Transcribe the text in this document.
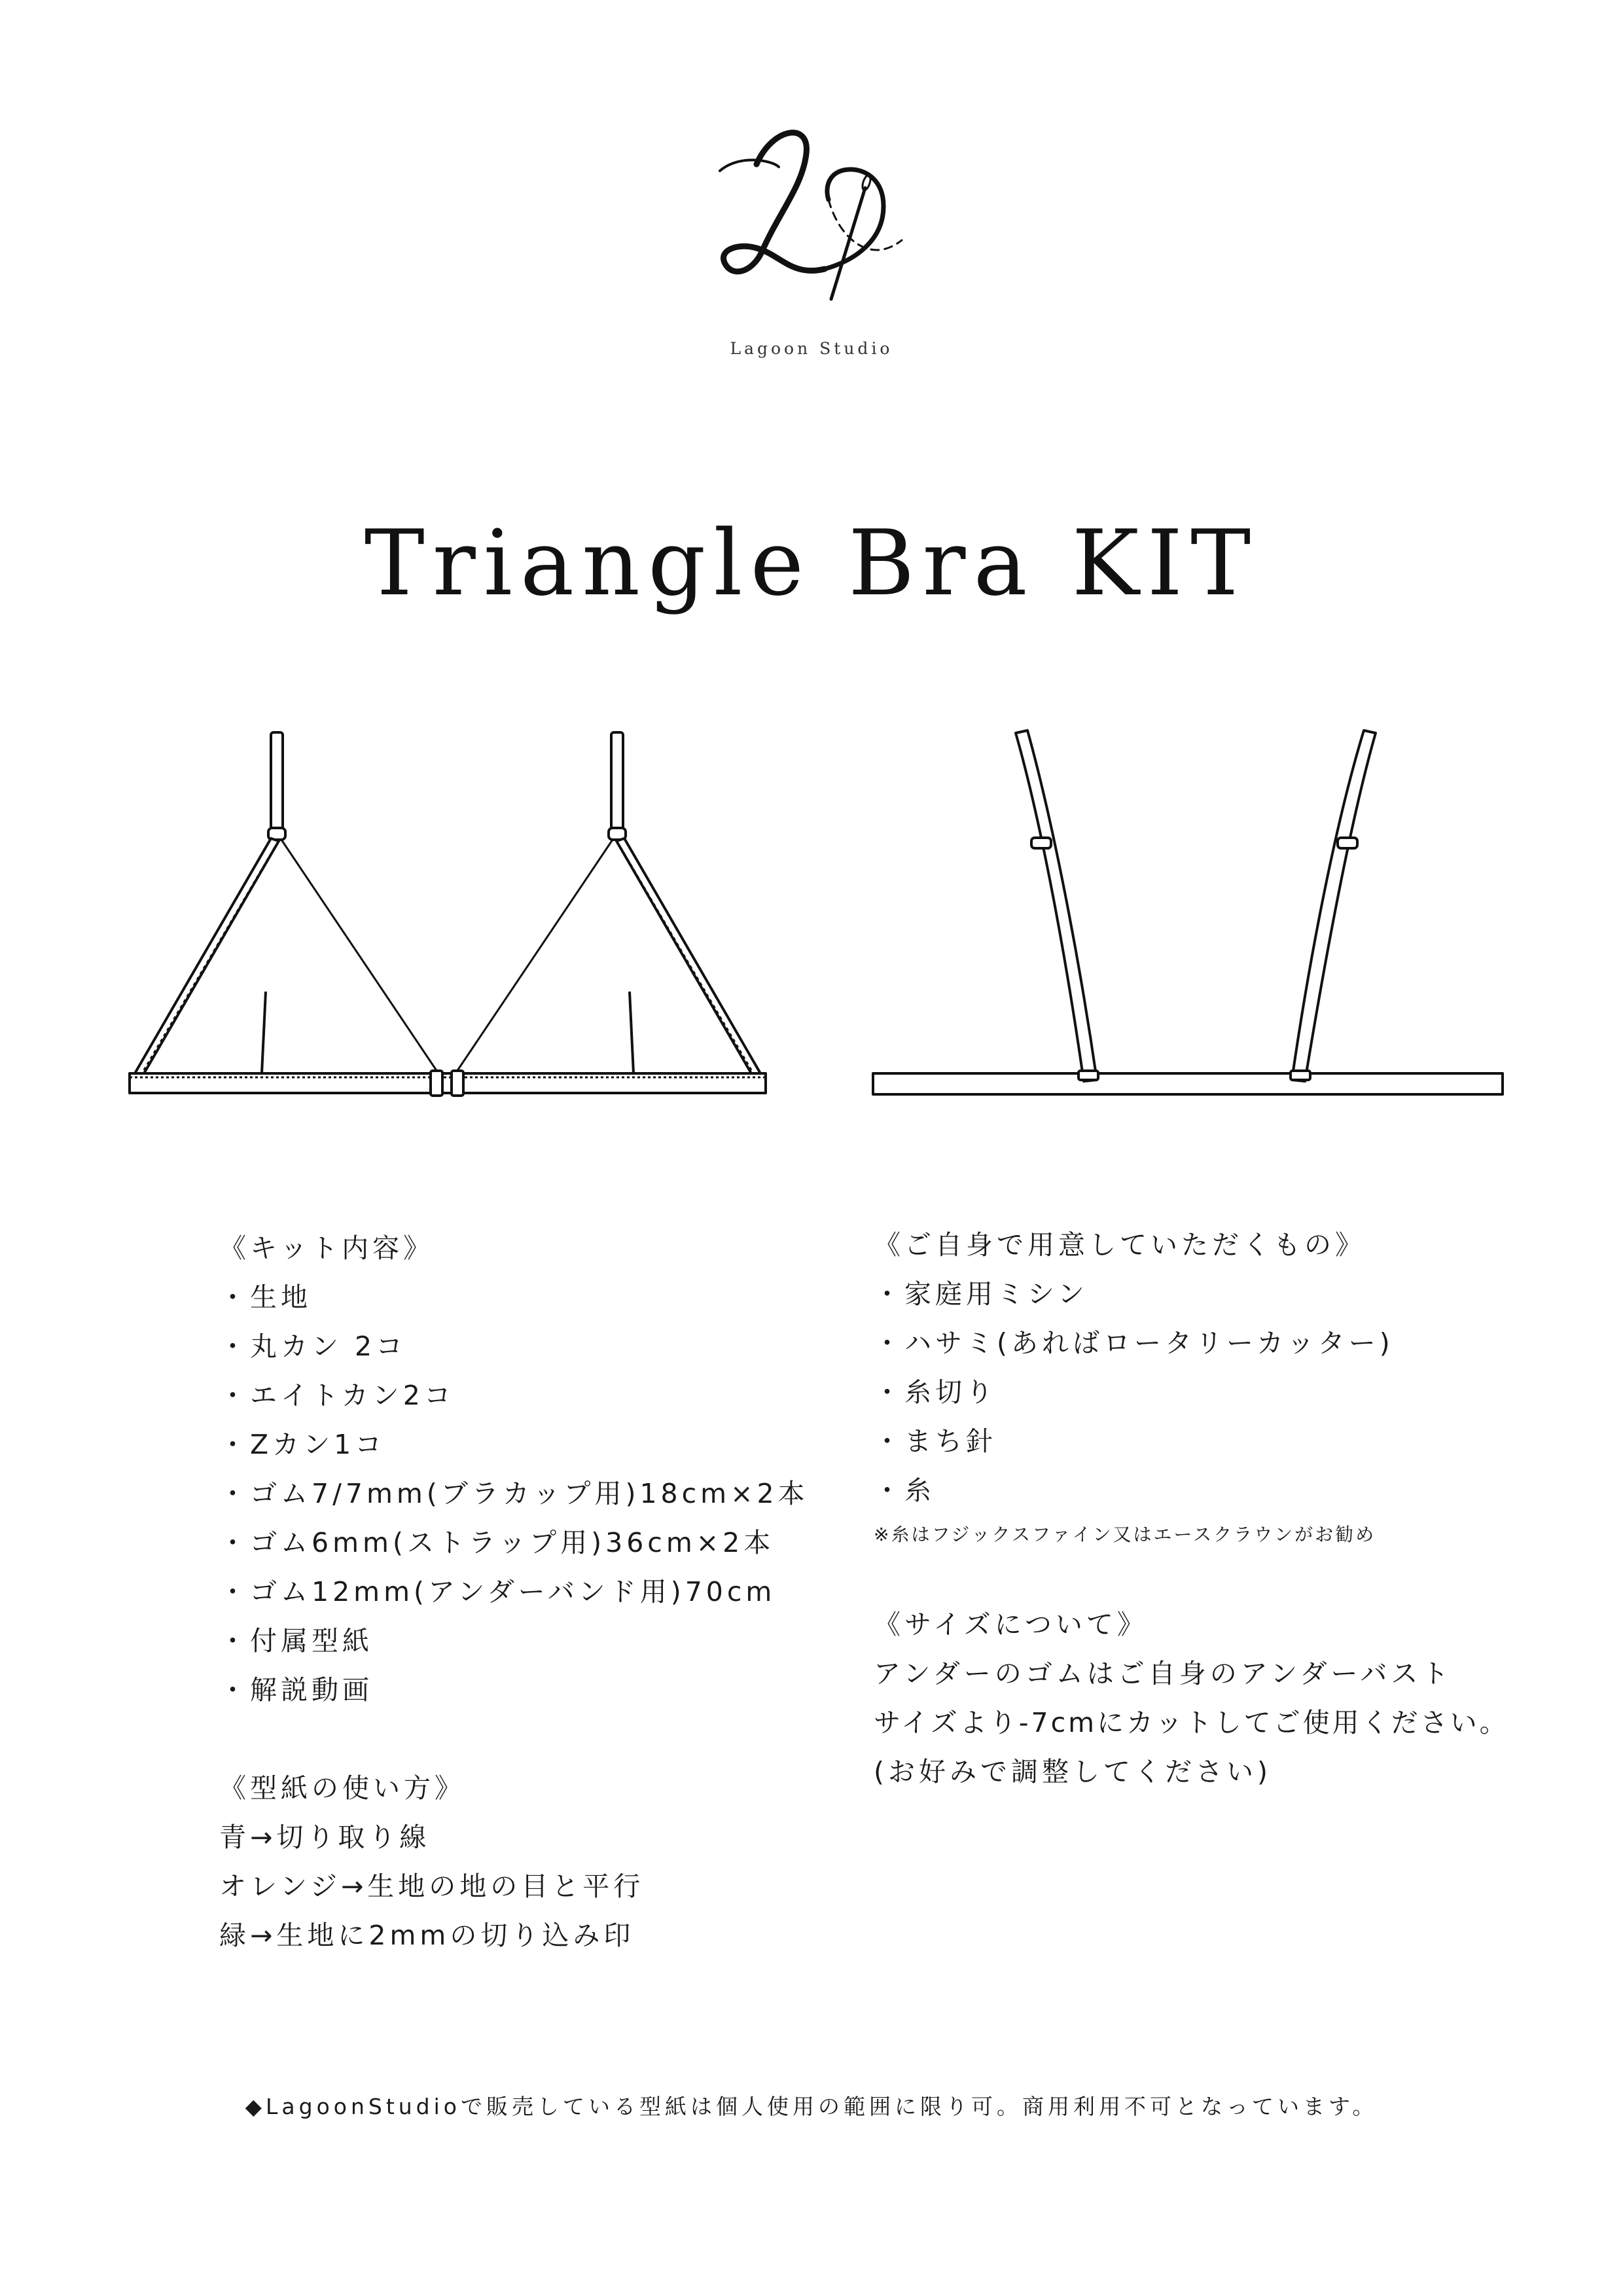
Lagoon Studio
Triangle Bra KIT
《キット内容》
・生地
・丸カン 2コ
・エイトカン2コ
・Zカン1コ
・ゴム7/7mm(ブラカップ用)18cm×2本
・ゴム6mm(ストラップ用)36cm×2本
・ゴム12mm(アンダーバンド用)70cm
・付属型紙
・解説動画
《型紙の使い方》
青→切り取り線
オレンジ→生地の地の目と平行
緑→生地に2mmの切り込み印
《ご自身で用意していただくもの》
・家庭用ミシン
・ハサミ(あればロータリーカッター)
・糸切り
・まち針
・糸
※糸はフジックスファイン又はエースクラウンがお勧め
《サイズについて》
アンダーのゴムはご自身のアンダーバスト
サイズより-7cmにカットしてご使用ください。
(お好みで調整してください)
◆LagoonStudioで販売している型紙は個人使用の範囲に限り可。商用利用不可となっています。
